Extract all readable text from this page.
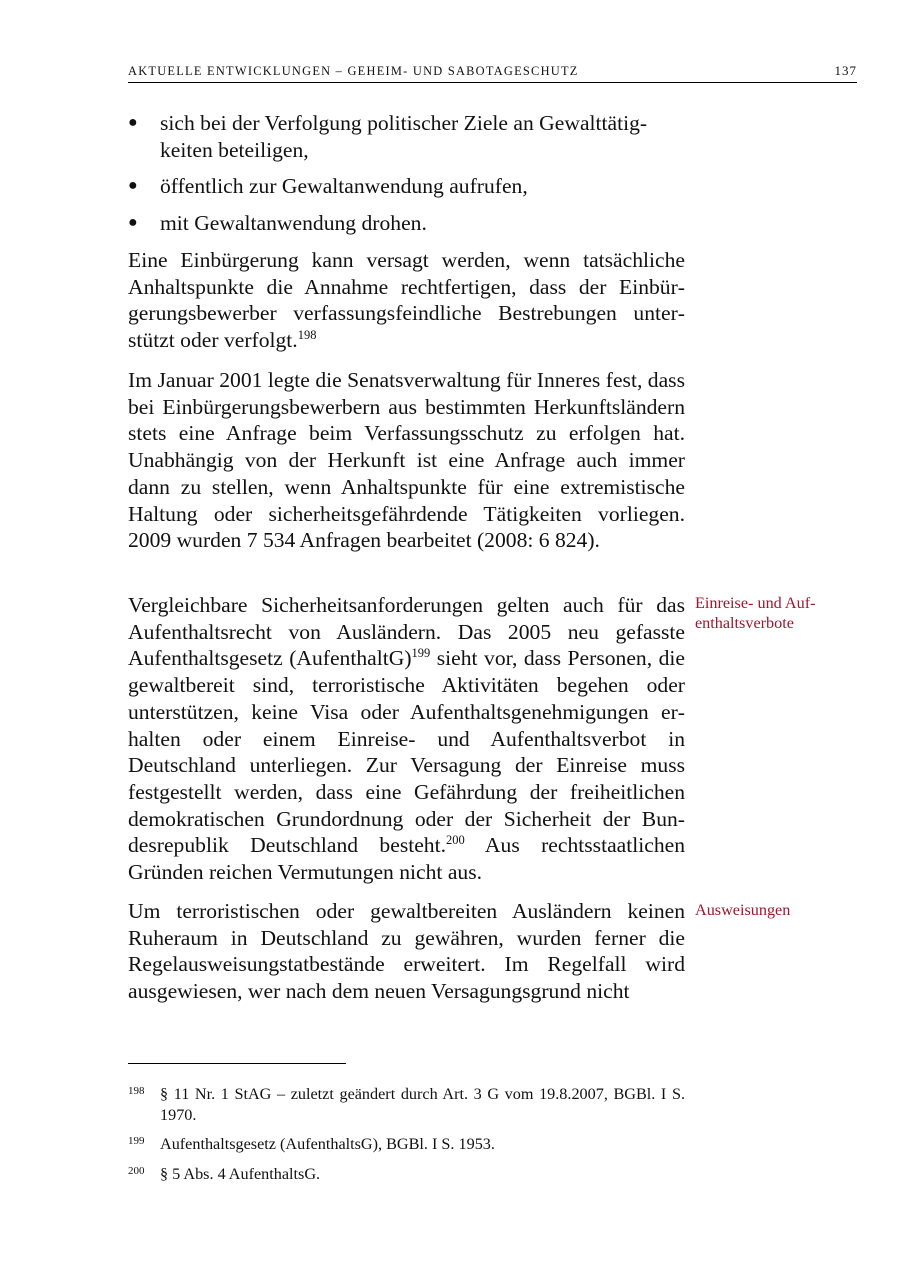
AKTUELLE ENTWICKLUNGEN – GEHEIM- UND SABOTAGESCHUTZ	137
● sich bei der Verfolgung politischer Ziele an Gewalttätigkeiten beteiligen,
● öffentlich zur Gewaltanwendung aufrufen,
● mit Gewaltanwendung drohen.
Eine Einbürgerung kann versagt werden, wenn tatsächliche Anhaltspunkte die Annahme rechtfertigen, dass der Einbürgerungsbewerber verfassungsfeindliche Bestrebungen unterstützt oder verfolgt.$^{198}$
Im Januar 2001 legte die Senatsverwaltung für Inneres fest, dass bei Einbürgerungsbewerbern aus bestimmten Herkunftsländern stets eine Anfrage beim Verfassungsschutz zu erfolgen hat. Unabhängig von der Herkunft ist eine Anfrage auch immer dann zu stellen, wenn Anhaltspunkte für eine extremistische Haltung oder sicherheitsgefährdende Tätigkeiten vorliegen. 2009 wurden 7 534 Anfragen bearbeitet (2008: 6 824).
Vergleichbare Sicherheitsanforderungen gelten auch für das Aufenthaltsrecht von Ausländern. Das 2005 neu gefasste Aufenthaltsgesetz (AufenthaltG)$^{199}$ sieht vor, dass Personen, die gewaltbereit sind, terroristische Aktivitäten begehen oder unterstützen, keine Visa oder Aufenthaltsgenehmigungen erhalten oder einem Einreise- und Aufenthaltsverbot in Deutschland unterliegen. Zur Versagung der Einreise muss festgestellt werden, dass eine Gefährdung der freiheitlichen demokratischen Grundordnung oder der Sicherheit der Bundesrepublik Deutschland besteht.$^{200}$ Aus rechtsstaatlichen Gründen reichen Vermutungen nicht aus.
Um terroristischen oder gewaltbereiten Ausländern keinen Ruheraum in Deutschland zu gewähren, wurden ferner die Regelausweisungstatbestände erweitert. Im Regelfall wird ausgewiesen, wer nach dem neuen Versagungsgrund nicht
Einreise- und Aufenthaltsverbote
Ausweisungen
198 § 11 Nr. 1 StAG – zuletzt geändert durch Art. 3 G vom 19.8.2007, BGBl. I S. 1970.
199 Aufenthaltsgesetz (AufenthaltsG), BGBl. I S. 1953.
200 § 5 Abs. 4 AufenthaltsG.
